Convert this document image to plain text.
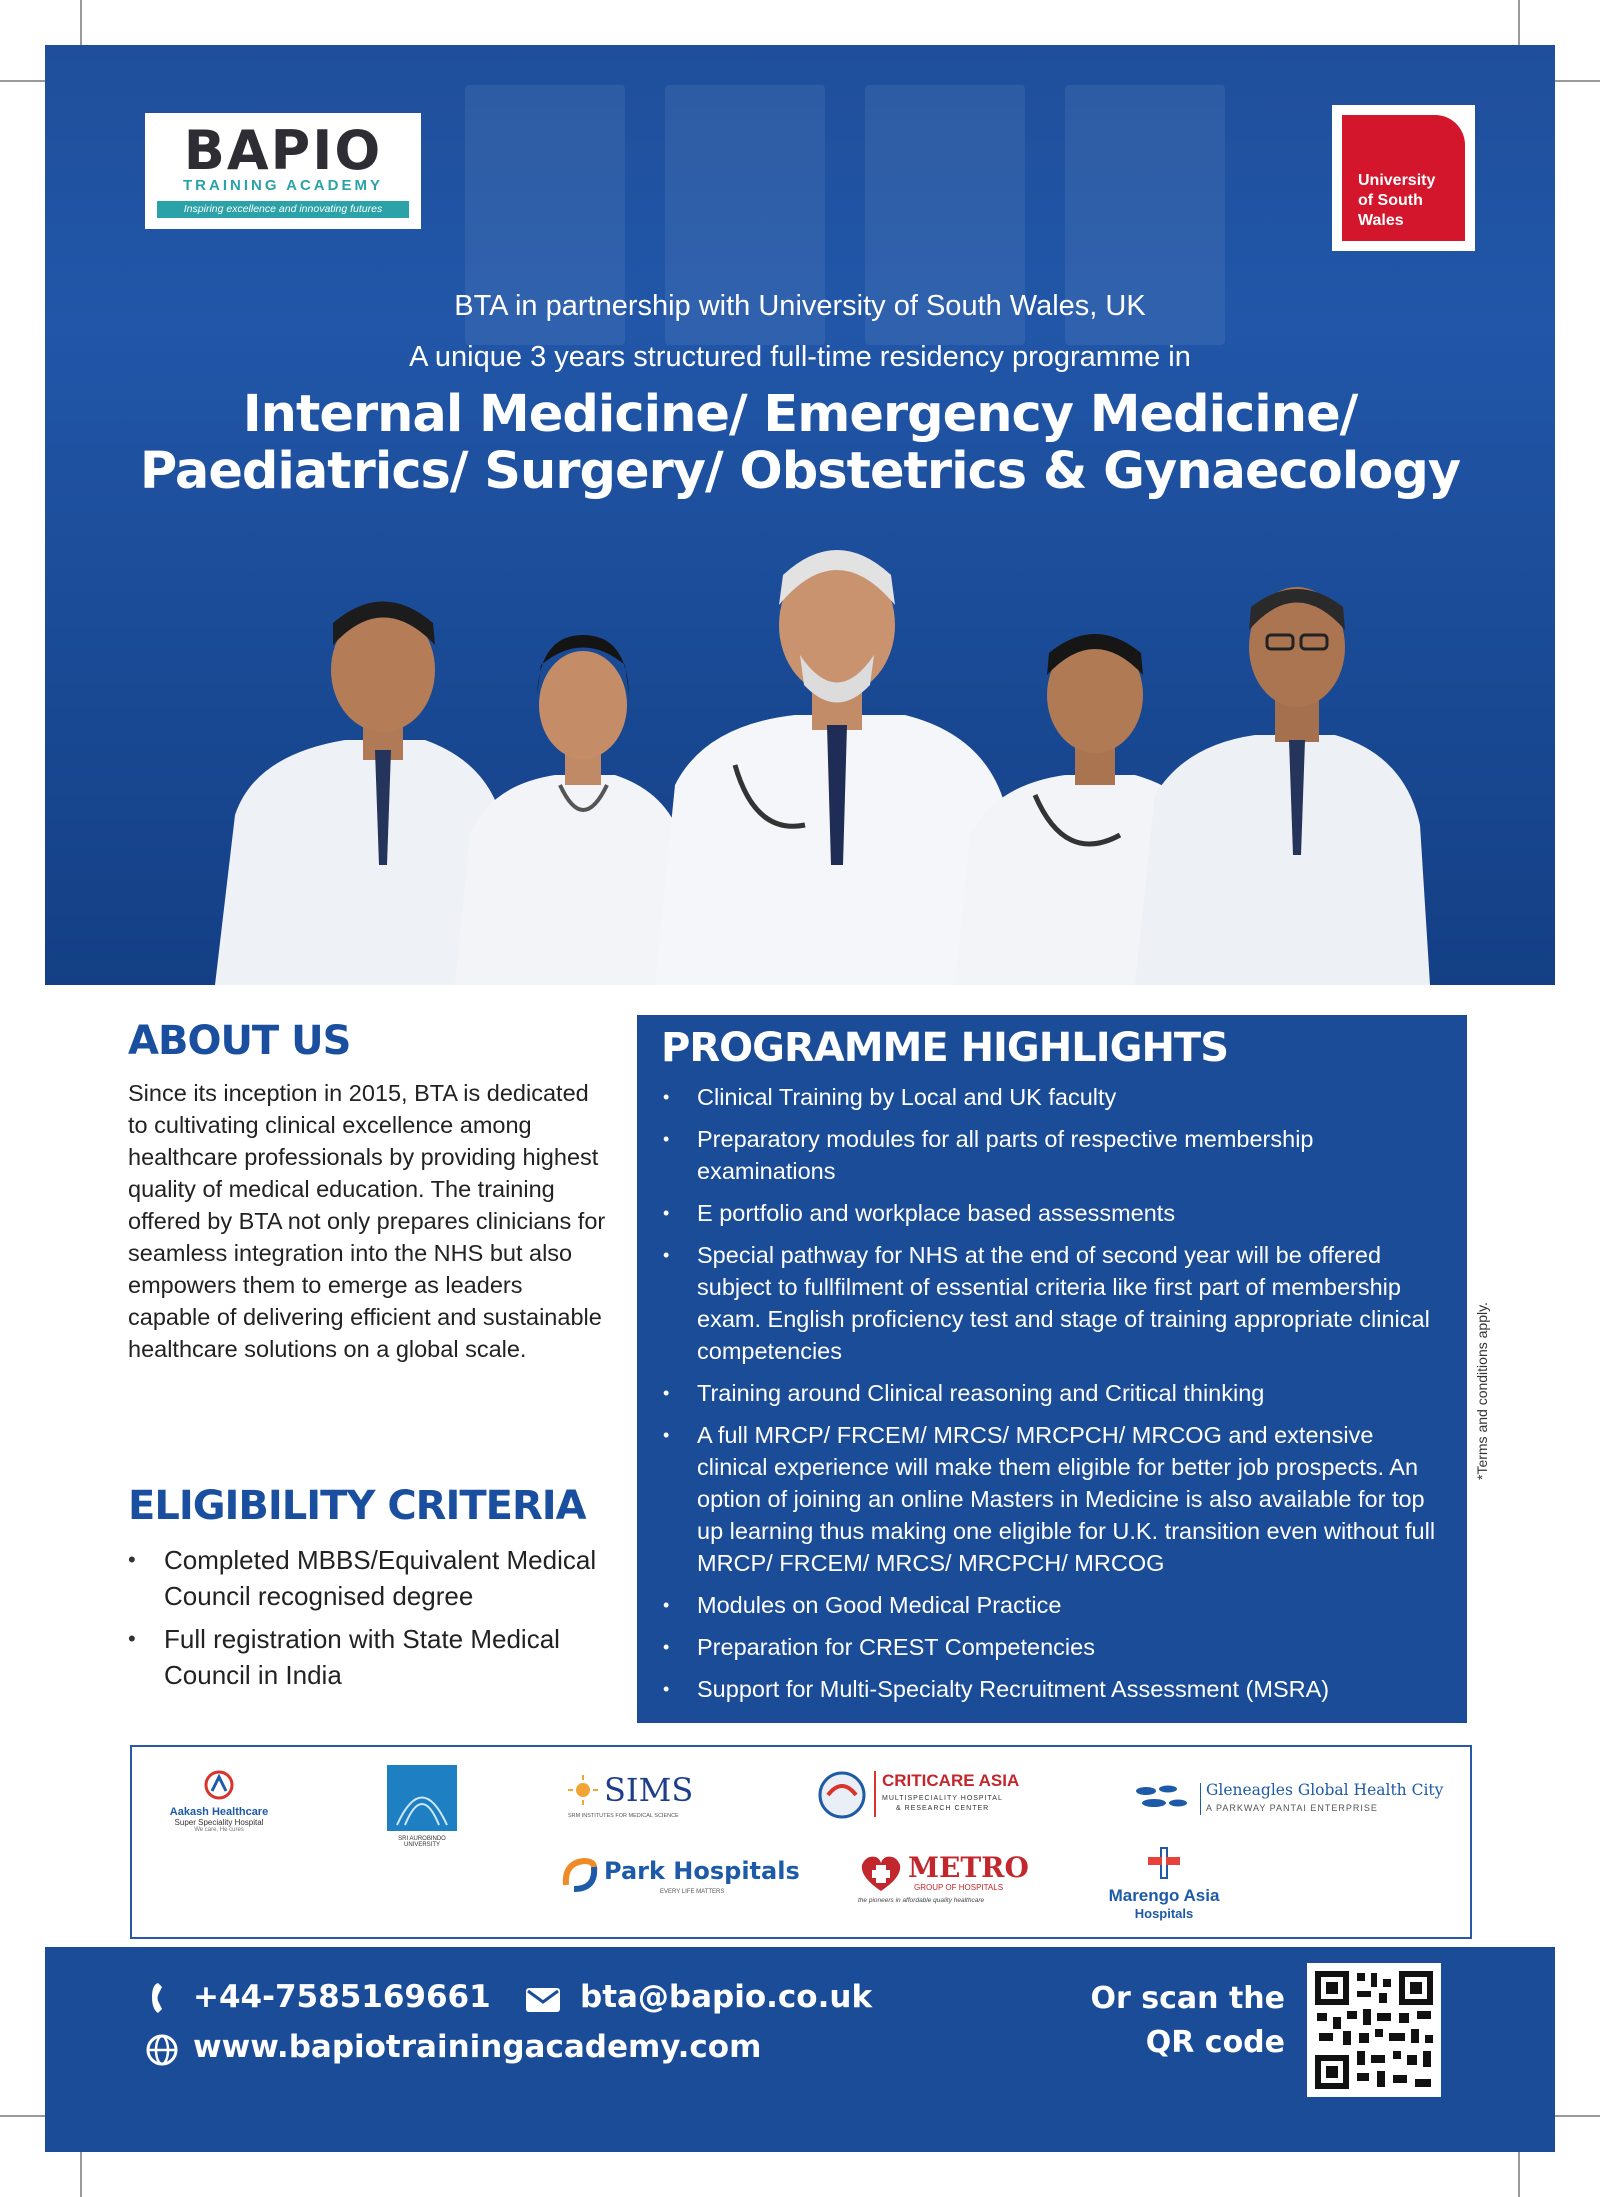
BAPIO
TRAINING ACADEMY
Inspiring excellence and innovating futures
University
of South
Wales
BTA in partnership with University of South Wales, UK
A unique 3 years structured full-time residency programme in
Internal Medicine/ Emergency Medicine/
Paediatrics/ Surgery/ Obstetrics & Gynaecology
ABOUT US

Since its inception in 2015, BTA is dedicated to cultivating clinical excellence among healthcare professionals by providing highest quality of medical education. The training offered by BTA not only prepares clinicians for seamless integration into the NHS but also empowers them to emerge as leaders capable of delivering efficient and sustainable healthcare solutions on a global scale.

ELIGIBILITY CRITERIA
• Completed MBBS/Equivalent Medical Council recognised degree
• Full registration with State Medical Council in India
PROGRAMME HIGHLIGHTS
• Clinical Training by Local and UK faculty
• Preparatory modules for all parts of respective membership examinations
• E portfolio and workplace based assessments
• Special pathway for NHS at the end of second year will be offered subject to fullfilment of essential criteria like first part of membership exam. English proficiency test and stage of training appropriate clinical competencies
• Training around Clinical reasoning and Critical thinking
• A full MRCP/ FRCEM/ MRCS/ MRCPCH/ MRCOG and extensive clinical experience will make them eligible for better job prospects. An option of joining an online Masters in Medicine is also available for top up learning thus making one eligible for U.K. transition even without full MRCP/ FRCEM/ MRCS/ MRCPCH/ MRCOG
• Modules on Good Medical Practice
• Preparation for CREST Competencies
• Support for Multi-Specialty Recruitment Assessment (MSRA)
*Terms and conditions apply.
Aakash Healthcare
Super Speciality Hospital
We care, He cures
SRI AUROBINDO
UNIVERSITY
SIMS
SRM INSTITUTES FOR MEDICAL SCIENCE
CRITICARE ASIA
MULTISPECIALITY HOSPITAL
& RESEARCH CENTER
Gleneagles Global Health City
A PARKWAY PANTAI ENTERPRISE
Park Hospitals
EVERY LIFE MATTERS
METRO
GROUP OF HOSPITALS
the pioneers in affordable quality healthcare	Marengo Asia
Hospitals
+44-7585169661	bta@bapio.co.uk
www.bapiotrainingacademy.com
Or scan the
QR code
